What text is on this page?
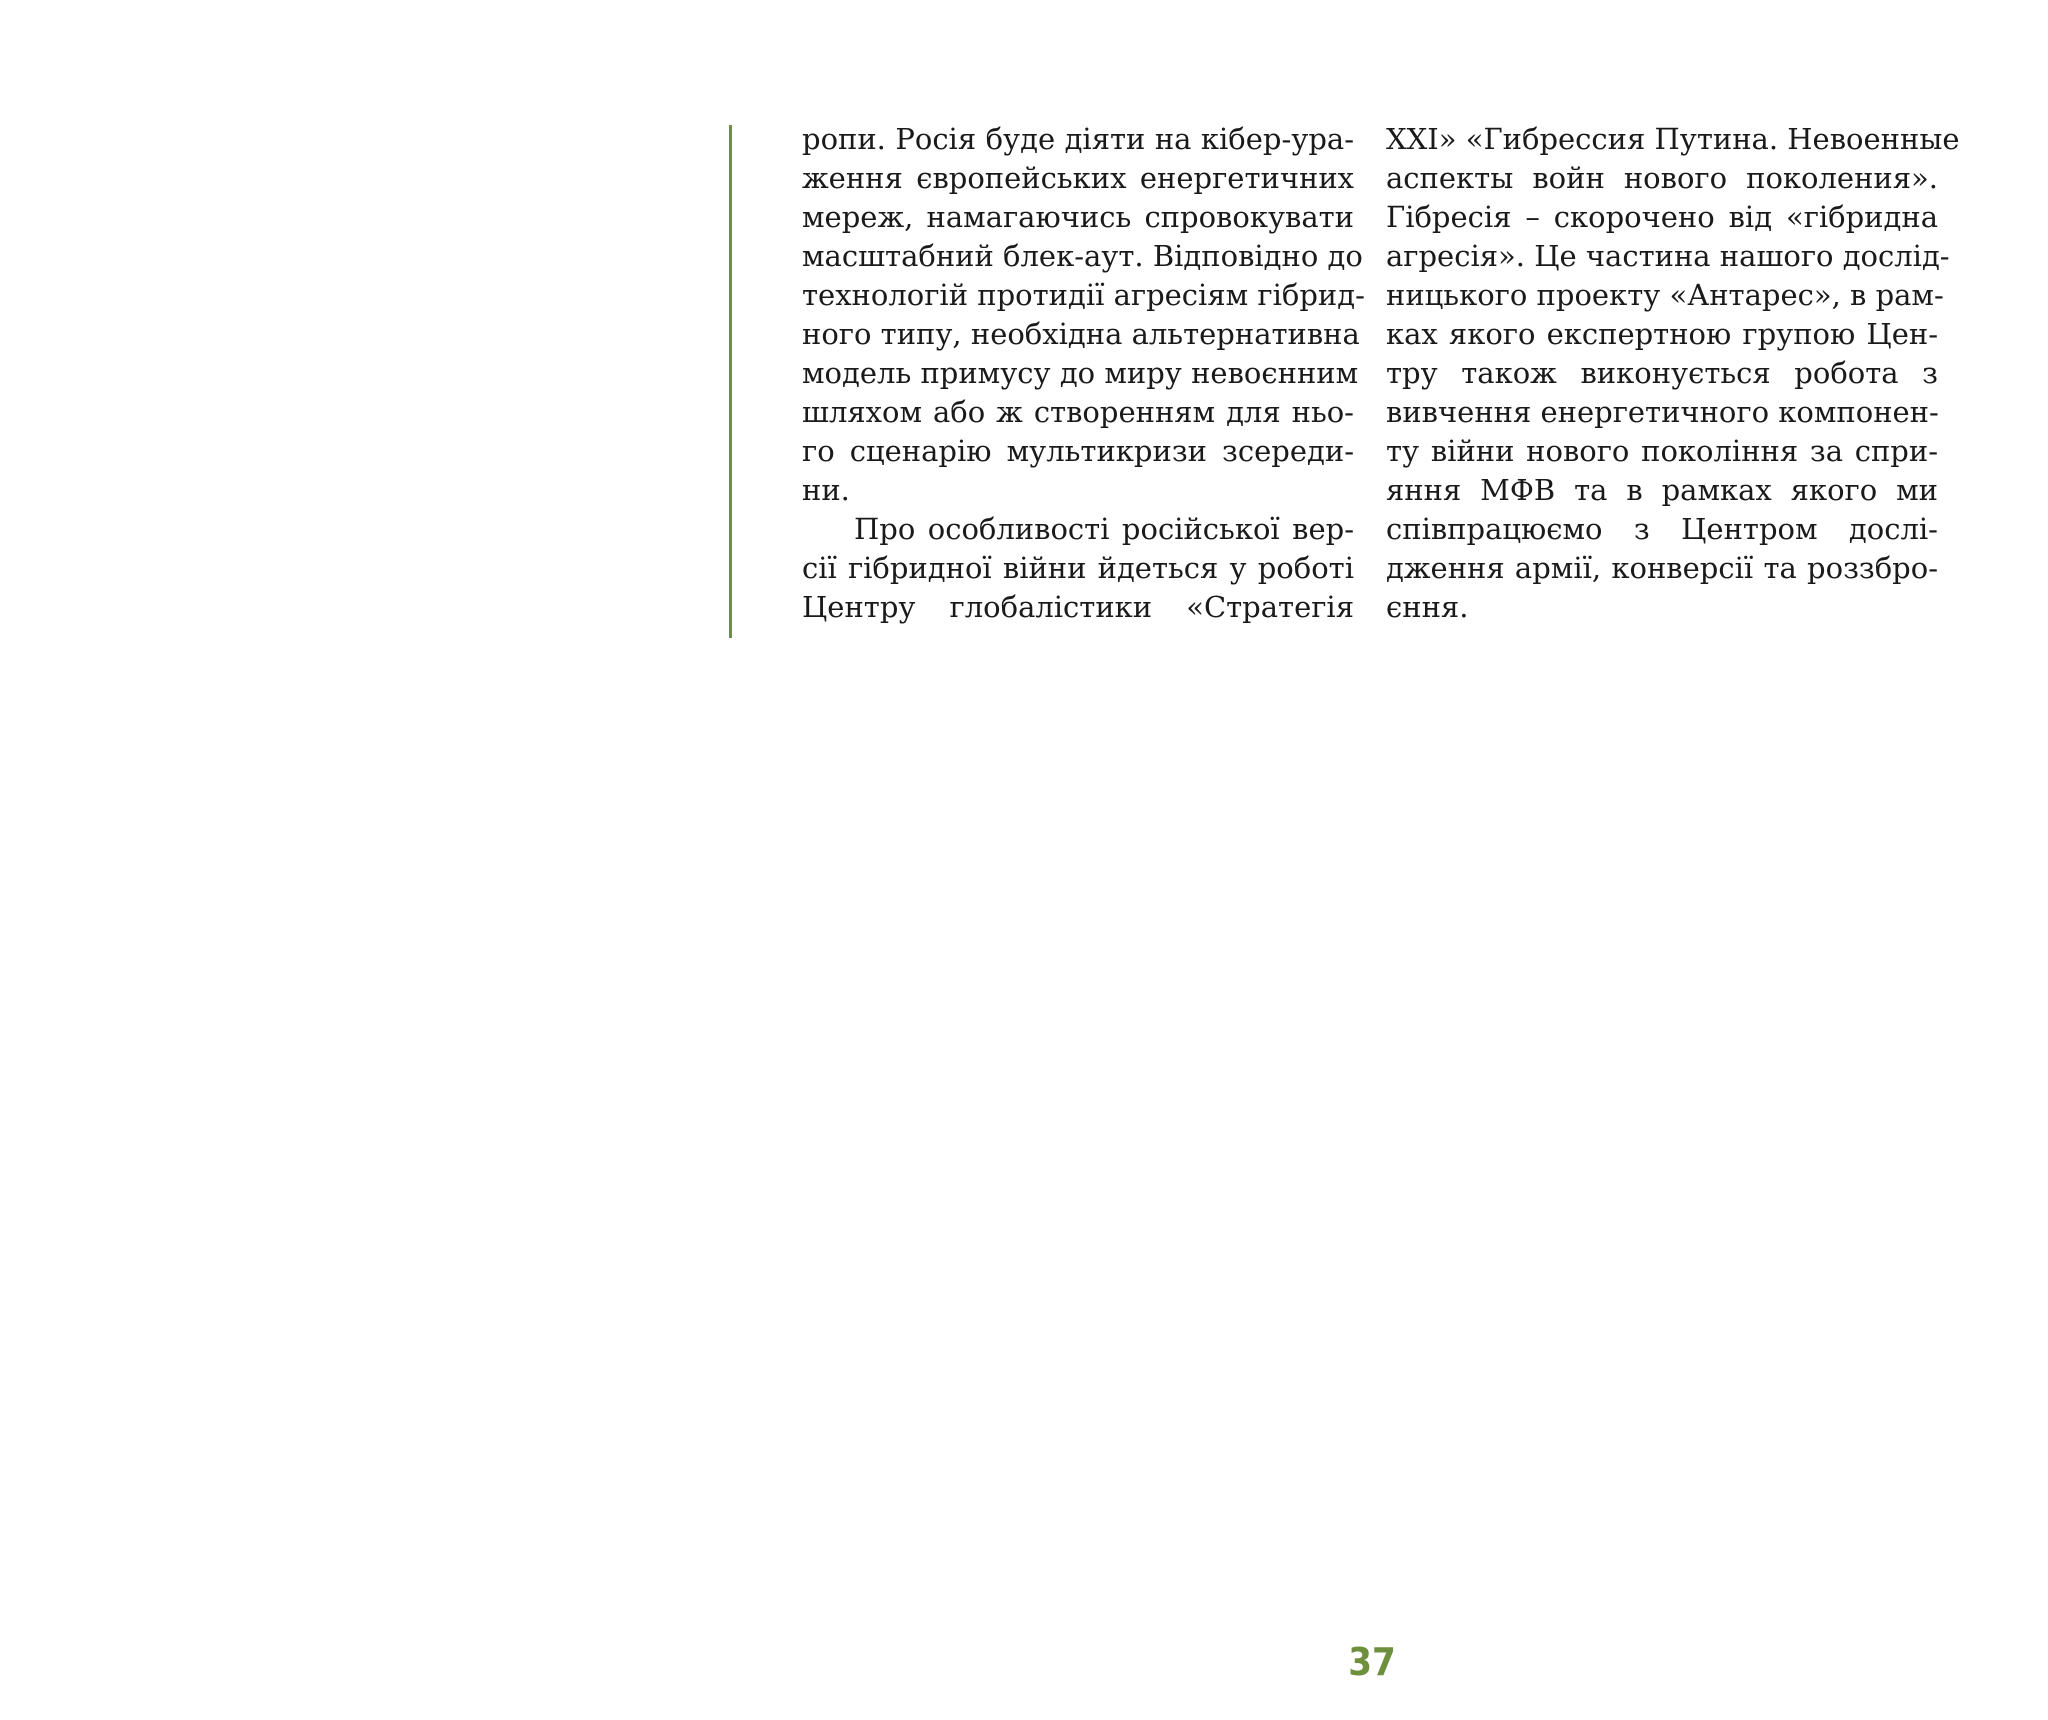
ропи. Росія буде діяти на кібер-ура-
ження європейських енергетичних
мереж, намагаючись спровокувати
масштабний блек-аут. Відповідно до
технологій протидії агресіям гібрид-
ного типу, необхідна альтернативна
модель примусу до миру невоєнним
шляхом або ж створенням для ньо-
го сценарію мультикризи зсереди-
ни.
Про особливості російської вер-
сії гібридної війни йдеться у роботі
Центру глобалістики «Стратегія
XXI» «Гибрессия Путина. Невоенные
аспекты войн нового поколения».
Гібресія – скорочено від «гібридна
агресія». Це частина нашого дослід-
ницького проекту «Антарес», в рам-
ках якого експертною групою Цен-
тру також виконується робота з
вивчення енергетичного компонен-
ту війни нового покоління за спри-
яння МФВ та в рамках якого ми
співпрацюємо з Центром дослі-
дження армії, конверсії та роззбро-
єння.
37
